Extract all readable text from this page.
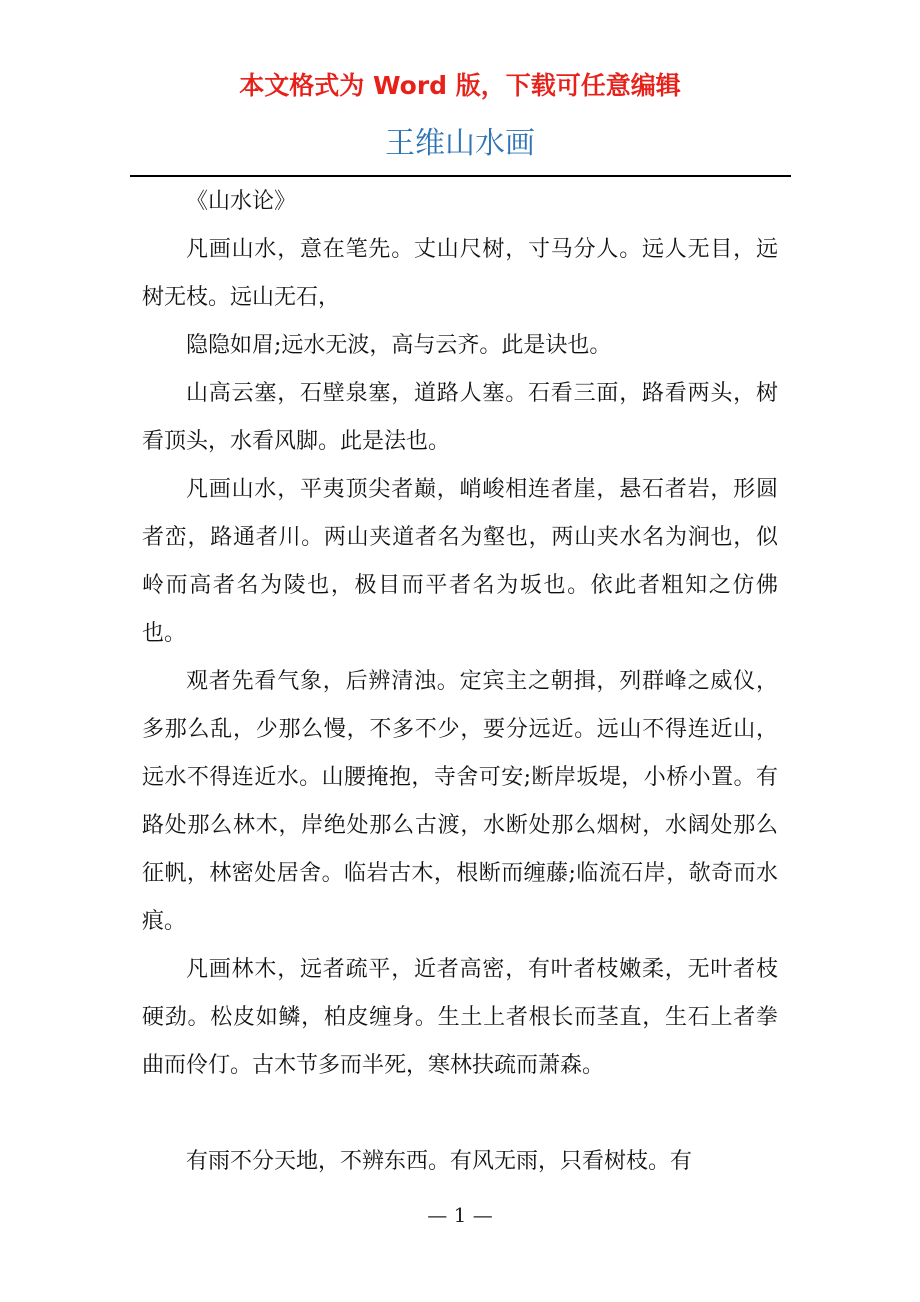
本文格式为 Word 版，下载可任意编辑
王维山水画

《山水论》

凡画山水，意在笔先。丈山尺树，寸马分人。远人无目，远树无枝。远山无石，

隐隐如眉;远水无波，高与云齐。此是诀也。

山高云塞，石壁泉塞，道路人塞。石看三面，路看两头，树看顶头，水看风脚。此是法也。

凡画山水，平夷顶尖者巅，峭峻相连者崖，悬石者岩，形圆者峦，路通者川。两山夹道者名为壑也，两山夹水名为涧也，似岭而高者名为陵也，极目而平者名为坂也。依此者粗知之仿佛也。

观者先看气象，后辨清浊。定宾主之朝揖，列群峰之威仪，多那么乱，少那么慢，不多不少，要分远近。远山不得连近山，远水不得连近水。山腰掩抱，寺舍可安;断岸坂堤，小桥小置。有路处那么林木，岸绝处那么古渡，水断处那么烟树，水阔处那么征帆，林密处居舍。临岩古木，根断而缠藤;临流石岸，欹奇而水痕。

凡画林木，远者疏平，近者高密，有叶者枝嫩柔，无叶者枝硬劲。松皮如鳞，柏皮缠身。生土上者根长而茎直，生石上者拳曲而伶仃。古木节多而半死，寒林扶疏而萧森。

有雨不分天地，不辨东西。有风无雨，只看树枝。有

— 1 —
